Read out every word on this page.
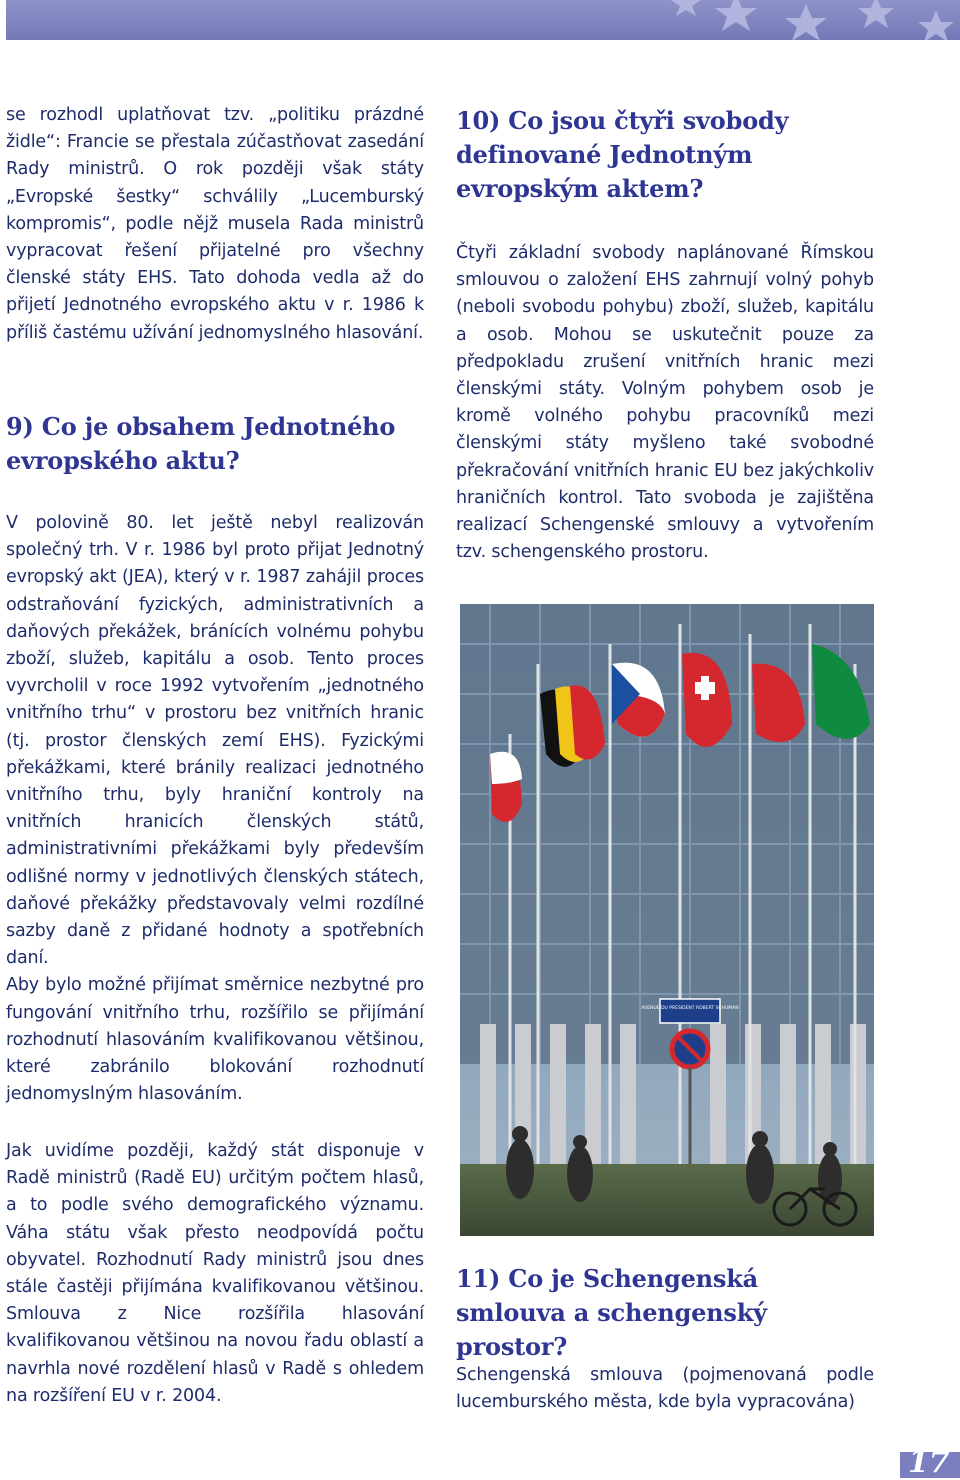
se rozhodl uplatňovat tzv. „politiku prázdné židle“: Francie se přestala zúčastňovat zasedání Rady ministrů. O rok později však státy „Evropské šestky“ schválily „Lucemburský kompromis“, podle nějž musela Rada ministrů vypracovat řešení přijatelné pro všechny členské státy EHS. Tato dohoda vedla až do přijetí Jednotného evropského aktu v r. 1986 k příliš častému užívání jednomyslného hlasování.

9) Co je obsahem Jednotného evropského aktu?

V polovině 80. let ještě nebyl realizován společný trh. V r. 1986 byl proto přijat Jednotný evropský akt (JEA), který v r. 1987 zahájil proces odstraňování fyzických, administrativních a daňových překážek, bránících volnému pohybu zboží, služeb, kapitálu a osob. Tento proces vyvrcholil v roce 1992 vytvořením „jednotného vnitřního trhu“ v prostoru bez vnitřních hranic (tj. prostor členských zemí EHS). Fyzickými překážkami, které bránily realizaci jednotného vnitřního trhu, byly hraniční kontroly na vnitřních hranicích členských států, administrativními překážkami byly především odlišné normy v jednotlivých členských státech, daňové překážky představovaly velmi rozdílné sazby daně z přidané hodnoty a spotřebních daní.

Aby bylo možné přijímat směrnice nezbytné pro fungování vnitřního trhu, rozšířilo se přijímání rozhodnutí hlasováním kvalifikovanou většinou, které zabránilo blokování rozhodnutí jednomyslným hlasováním.

Jak uvidíme později, každý stát disponuje v Radě ministrů (Radě EU) určitým počtem hlasů, a to podle svého demografického významu. Váha státu však přesto neodpovídá počtu obyvatel. Rozhodnutí Rady ministrů jsou dnes stále častěji přijímána kvalifikovanou většinou. Smlouva z Nice rozšířila hlasování kvalifikovanou většinou na novou řadu oblastí a navrhla nové rozdělení hlasů v Radě s ohledem na rozšíření EU v r. 2004.

10) Co jsou čtyři svobody definované Jednotným evropským aktem?

Čtyři základní svobody naplánované Římskou smlouvou o založení EHS zahrnují volný pohyb (neboli svobodu pohybu) zboží, služeb, kapitálu a osob. Mohou se uskutečnit pouze za předpokladu zrušení vnitřních hranic mezi členskými státy. Volným pohybem osob je kromě volného pohybu pracovníků mezi členskými státy myšleno také svobodné překračování vnitřních hranic EU bez jakýchkoliv hraničních kontrol. Tato svoboda je zajištěna realizací Schengenské smlouvy a vytvořením tzv. schengenského prostoru.

AVENUE DU PRESIDENT ROBERT SCHUMAN
11) Co je Schengenská smlouva a schengenský prostor?

Schengenská smlouva (pojmenovaná podle lucemburského města, kde byla vypracována)

17
